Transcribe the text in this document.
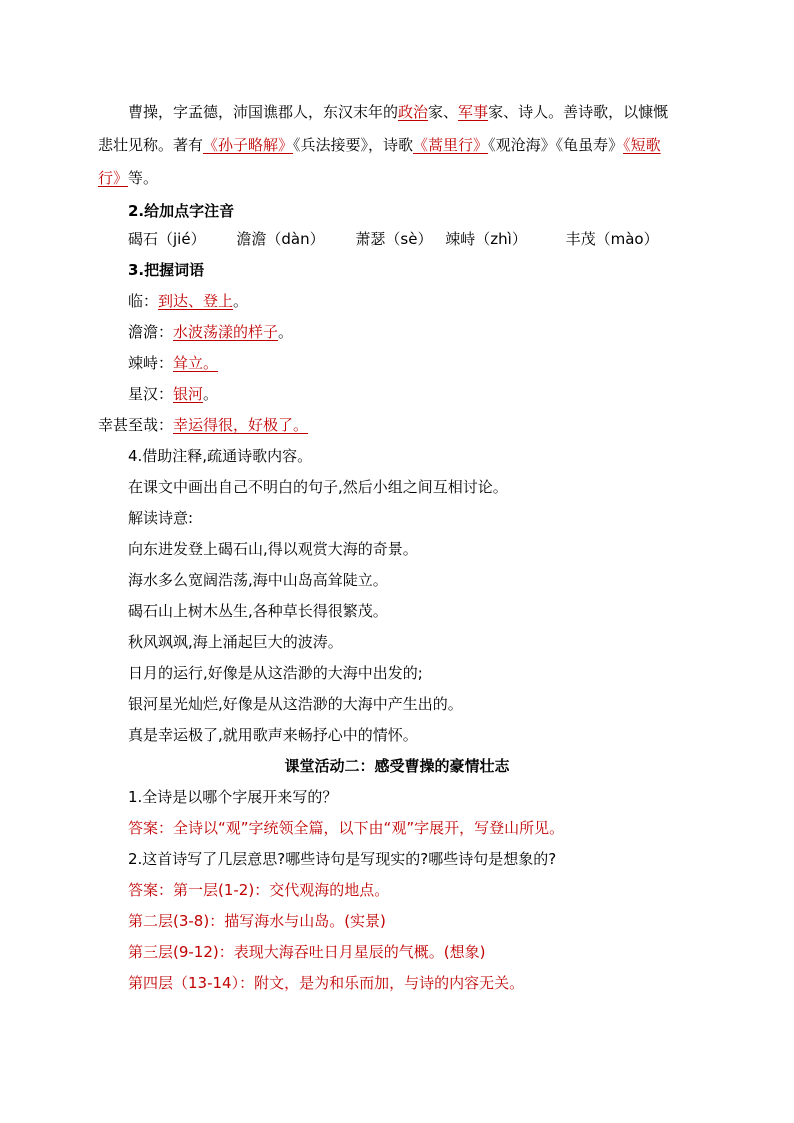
曹操，字孟德，沛国谯郡人，东汉末年的政治家、军事家、诗人。善诗歌，以慷慨
悲壮见称。著有《孙子略解》《兵法接要》，诗歌《蒿里行》《观沧海》《龟虽寿》《短歌
行》等。
2.给加点字注音
碣石（jié） 澹澹（dàn） 萧瑟（sè） 竦峙（zhì）	丰茂（mào）
3.把握词语
临：到达、登上。
澹澹：水波荡漾的样子。
竦峙：耸立。
星汉：银河。
幸甚至哉：幸运得很，好极了。
4.借助注释,疏通诗歌内容。
在课文中画出自己不明白的句子,然后小组之间互相讨论。
解读诗意:
向东进发登上碣石山,得以观赏大海的奇景。
海水多么宽阔浩荡,海中山岛高耸陡立。
碣石山上树木丛生,各种草长得很繁茂。
秋风飒飒,海上涌起巨大的波涛。
日月的运行,好像是从这浩渺的大海中出发的;
银河星光灿烂,好像是从这浩渺的大海中产生出的。
真是幸运极了,就用歌声来畅抒心中的情怀。
课堂活动二：感受曹操的豪情壮志
1.全诗是以哪个字展开来写的？
答案：全诗以“观”字统领全篇，以下由“观”字展开，写登山所见。
2.这首诗写了几层意思?哪些诗句是写现实的?哪些诗句是想象的?
答案：第一层(1-2)：交代观海的地点。
第二层(3-8)：描写海水与山岛。(实景)
第三层(9-12)：表现大海吞吐日月星辰的气概。(想象)
第四层（13-14）：附文，是为和乐而加，与诗的内容无关。
